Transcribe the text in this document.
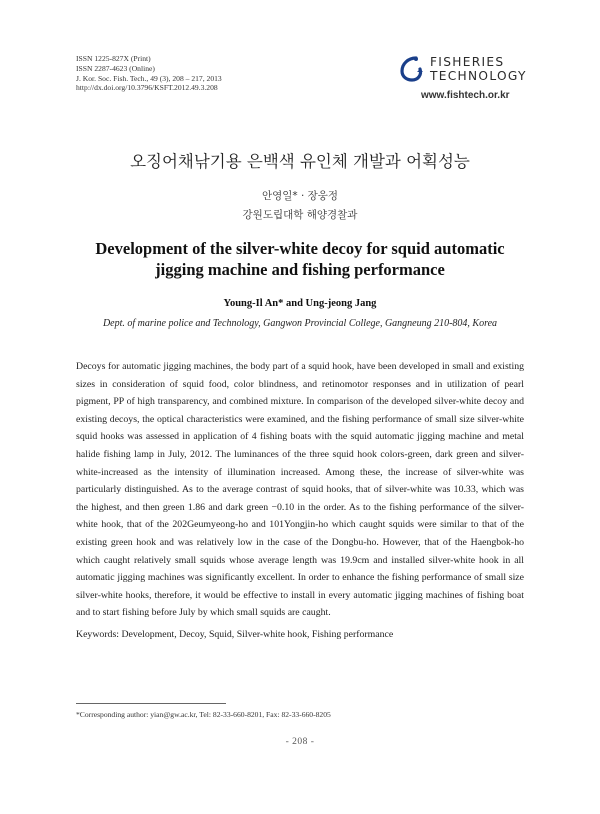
ISSN 1225-827X (Print)
ISSN 2287-4623 (Online)
J. Kor. Soc. Fish. Tech., 49 (3), 208 – 217, 2013
http://dx.doi.org/10.3796/KSFT.2012.49.3.208
FISHERIES
TECHNOLOGY
www.fishtech.or.kr
오징어채낚기용 은백색 유인체 개발과 어획성능
안영일* · 장웅정
강원도립대학 해양경찰과
Development of the silver-white decoy for squid automatic
jigging machine and fishing performance
Young-Il An* and Ung-jeong Jang
Dept. of marine police and Technology, Gangwon Provincial College, Gangneung 210-804, Korea
Decoys for automatic jigging machines, the body part of a squid hook, have been developed in small and existing sizes in consideration of squid food, color blindness, and retinomotor responses and in utilization of pearl pigment, PP of high transparency, and combined mixture. In comparison of the developed silver-white decoy and existing decoys, the optical characteristics were examined, and the fishing performance of small size silver-white squid hooks was assessed in application of 4 fishing boats with the squid automatic jigging machine and metal halide fishing lamp in July, 2012. The luminances of the three squid hook colors-green, dark green and silver-white-increased as the intensity of illumination increased. Among these, the increase of silver-white was particularly distinguished. As to the average contrast of squid hooks, that of silver-white was 10.33, which was the highest, and then green 1.86 and dark green −0.10 in the order. As to the fishing performance of the silver-white hook, that of the 202Geumyeong-ho and 101Yongjin-ho which caught squids were similar to that of the existing green hook and was relatively low in the case of the Dongbu-ho. However, that of the Haengbok-ho which caught relatively small squids whose average length was 19.9cm and installed silver-white hook in all automatic jigging machines was significantly excellent. In order to enhance the fishing performance of small size silver-white hooks, therefore, it would be effective to install in every automatic jigging machines of fishing boat and to start fishing before July by which small squids are caught.
Keywords: Development, Decoy, Squid, Silver-white hook, Fishing performance
*Corresponding author: yian@gw.ac.kr, Tel: 82-33-660-8201, Fax: 82-33-660-8205
- 208 -
